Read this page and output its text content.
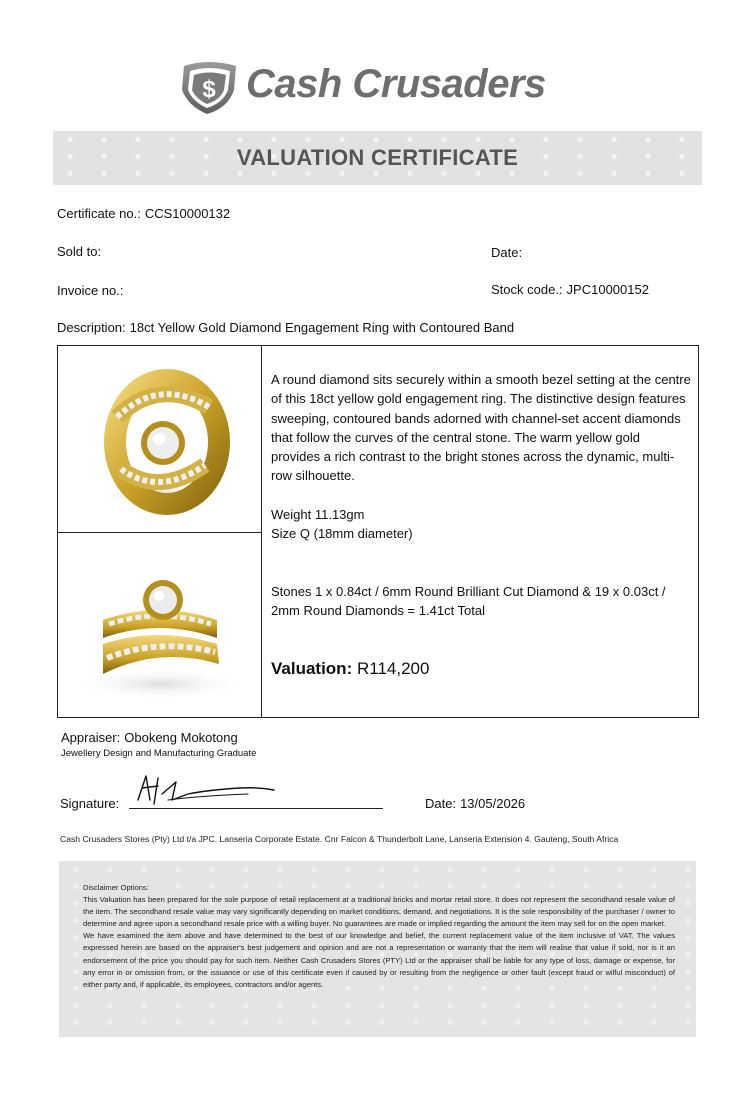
$ Cash Crusaders
VALUATION CERTIFICATE
Certificate no.: CCS10000132
Sold to:	Date:
Invoice no.:	Stock code.: JPC10000152
Description: 18ct Yellow Gold Diamond Engagement Ring with Contoured Band
A round diamond sits securely within a smooth bezel setting at the centre of this 18ct yellow gold engagement ring. The distinctive design features sweeping, contoured bands adorned with channel-set accent diamonds that follow the curves of the central stone. The warm yellow gold provides a rich contrast to the bright stones across the dynamic, multi-row silhouette.
Weight 11.13gm
Size Q (18mm diameter)
Stones 1 x 0.84ct / 6mm Round Brilliant Cut Diamond & 19 x 0.03ct / 2mm Round Diamonds = 1.41ct Total
Valuation: R114,200
Appraiser: Obokeng Mokotong
Jewellery Design and Manufacturing Graduate
Signature:	Date: 13/05/2026
Cash Crusaders Stores (Pty) Ltd t/a JPC. Lanseria Corporate Estate. Cnr Falcon & Thunderbolt Lane, Lanseria Extension 4. Gauteng, South Africa
Disclaimer Options:
This Valuation has been prepared for the sole purpose of retail replacement at a traditional bricks and mortar retail store. It does not represent the secondhand resale value of the item. The secondhand resale value may vary significantly depending on market conditions, demand, and negotiations. It is the sole responsibility of the purchaser / owner to determine and agree upon a secondhand resale price with a willing buyer. No guarantees are made or implied regarding the amount the item may sell for on the open market.
We have examined the item above and have determined to the best of our knowledge and belief, the current replacement value of the item inclusive of VAT. The values expressed herein are based on the appraiser's best judgement and opinion and are not a representation or warranty that the item will realise that value if sold, nor is it an endorsement of the price you should pay for such item. Neither Cash Crusaders Stores (PTY) Ltd or the appraiser shall be liable for any type of loss, damage or expense, for any error in or omission from, or the issuance or use of this certificate even if caused by or resulting from the negligence or other fault (except fraud or wilful misconduct) of either party and, if applicable, its employees, contractors and/or agents.
